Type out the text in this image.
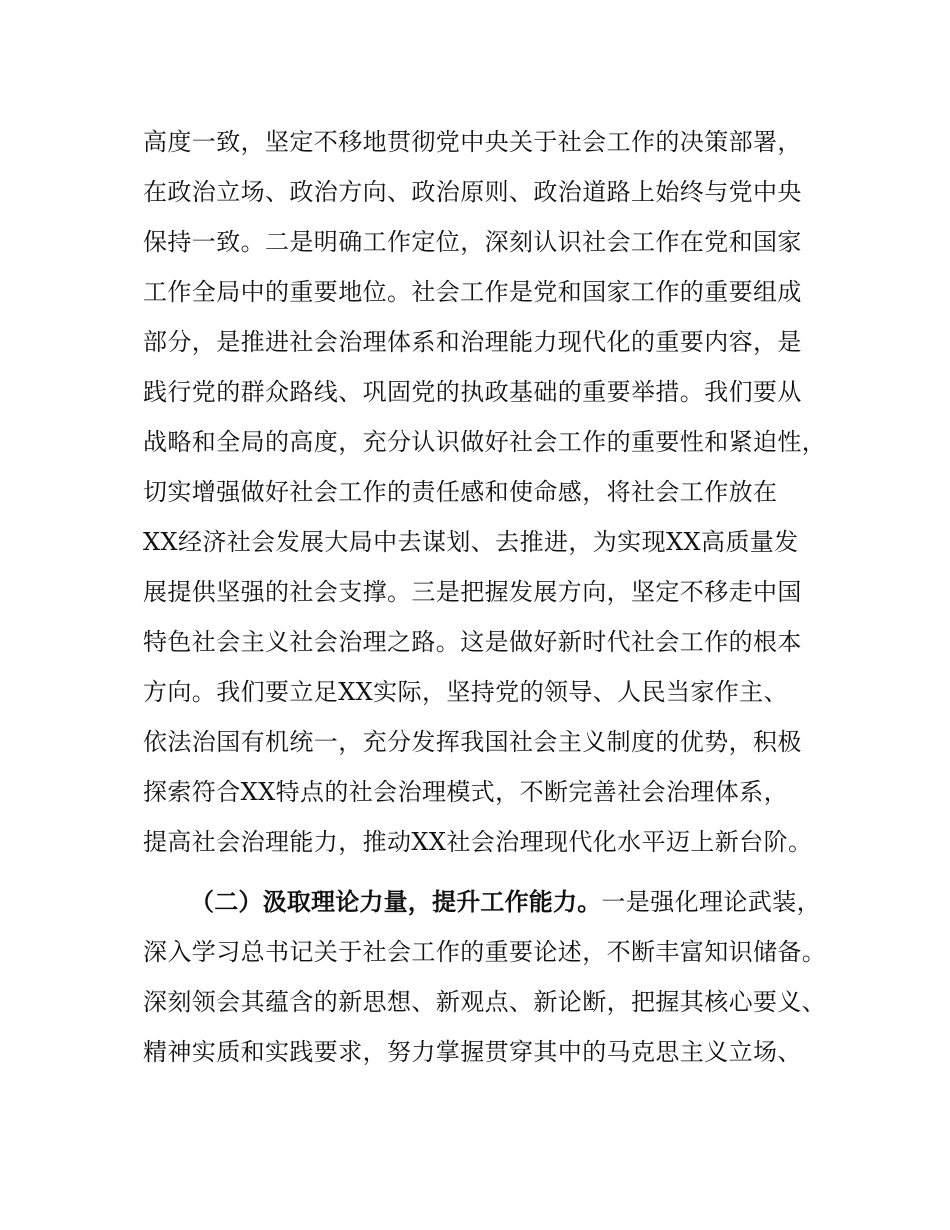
高度一致，坚定不移地贯彻党中央关于社会工作的决策部署，

在政治立场、政治方向、政治原则、政治道路上始终与党中央

保持一致。二是明确工作定位，深刻认识社会工作在党和国家

工作全局中的重要地位。社会工作是党和国家工作的重要组成

部分，是推进社会治理体系和治理能力现代化的重要内容，是

践行党的群众路线、巩固党的执政基础的重要举措。我们要从

战略和全局的高度，充分认识做好社会工作的重要性和紧迫性，

切实增强做好社会工作的责任感和使命感，将社会工作放在

XX经济社会发展大局中去谋划、去推进，为实现XX高质量发

展提供坚强的社会支撑。三是把握发展方向，坚定不移走中国

特色社会主义社会治理之路。这是做好新时代社会工作的根本

方向。我们要立足XX实际，坚持党的领导、人民当家作主、

依法治国有机统一，充分发挥我国社会主义制度的优势，积极

探索符合XX特点的社会治理模式，不断完善社会治理体系，

提高社会治理能力，推动XX社会治理现代化水平迈上新台阶。

（二）汲取理论力量，提升工作能力。一是强化理论武装，

深入学习总书记关于社会工作的重要论述，不断丰富知识储备。

深刻领会其蕴含的新思想、新观点、新论断，把握其核心要义、

精神实质和实践要求，努力掌握贯穿其中的马克思主义立场、
